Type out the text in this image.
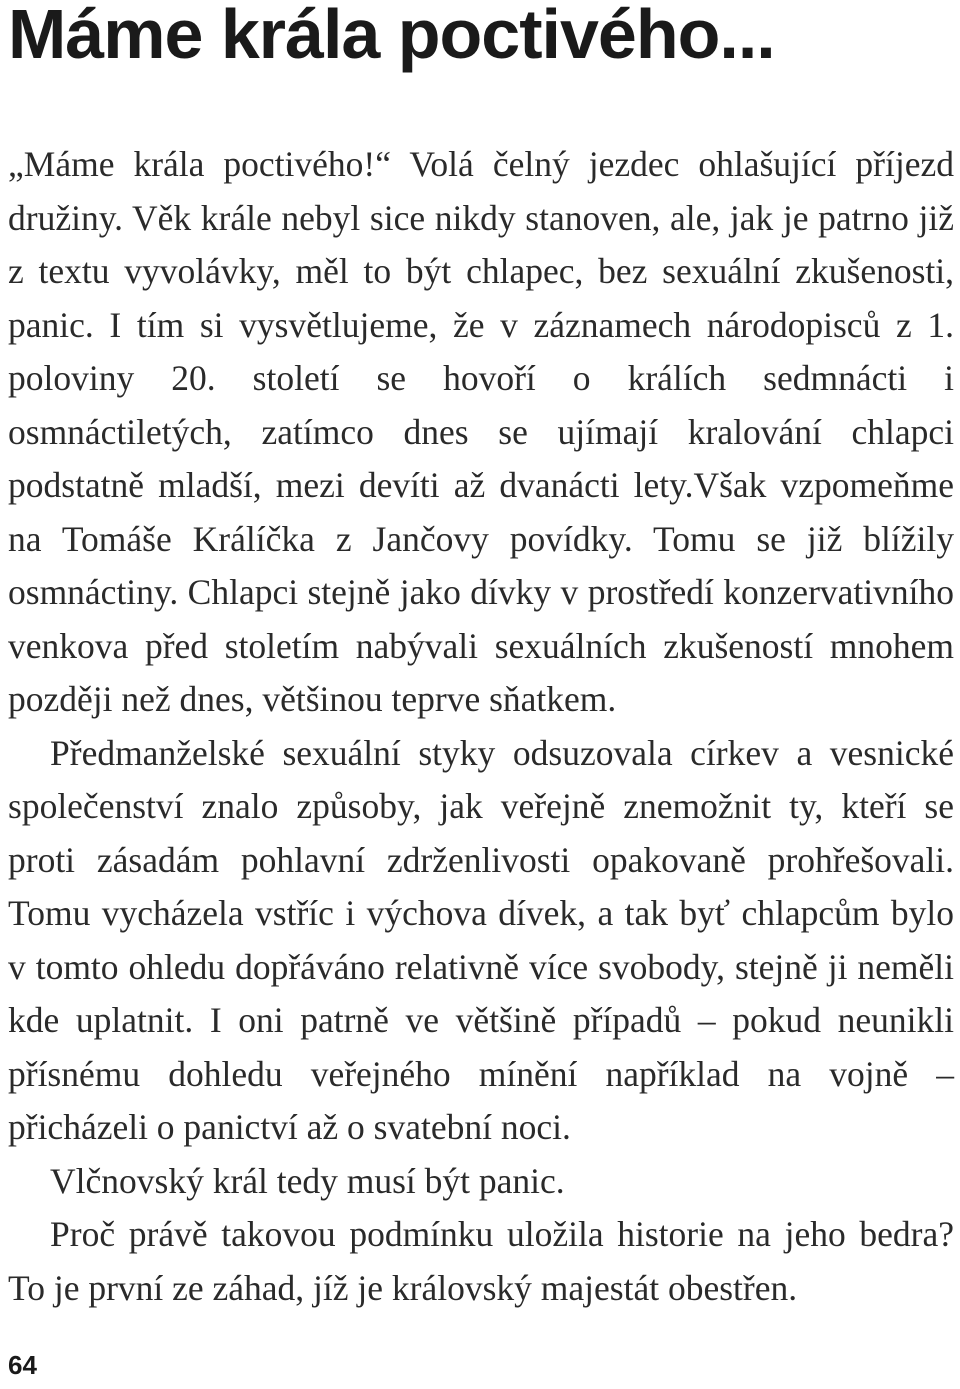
Máme krála poctivého...

„Máme krála poctivého!“ Volá čelný jezdec ohlašující příjezd družiny. Věk krále nebyl sice nikdy stanoven, ale, jak je patrno již z textu vyvolávky, měl to být chlapec, bez sexuální zkušenosti, panic. I tím si vysvětlujeme, že v záznamech národopisců z 1. poloviny 20. století se hovoří o králích sedmnácti i osmnáctiletých, zatímco dnes se ujímají kralování chlapci podstatně mladší, mezi devíti až dvanácti lety.Však vzpomeňme na Tomáše Králíčka z Jančovy povídky. Tomu se již blížily osmnáctiny. Chlapci stejně jako dívky v prostředí konzervativního venkova před stoletím nabývali sexuálních zkušeností mnohem později než dnes, většinou teprve sňatkem.

Předmanželské sexuální styky odsuzovala církev a vesnické společenství znalo způsoby, jak veřejně znemožnit ty, kteří se proti zásadám pohlavní zdrženlivosti opakovaně prohřešovali. Tomu vycházela vstříc i výchova dívek, a tak byť chlapcům bylo v tomto ohledu dopřáváno relativně více svobody, stejně ji neměli kde uplatnit. I oni patrně ve většině případů – pokud neunikli přísnému dohledu veřejného mínění například na vojně – přicházeli o panictví až o svatební noci.

Vlčnovský král tedy musí být panic.

Proč právě takovou podmínku uložila historie na jeho bedra? To je první ze záhad, jíž je královský majestát obestřen.

64
